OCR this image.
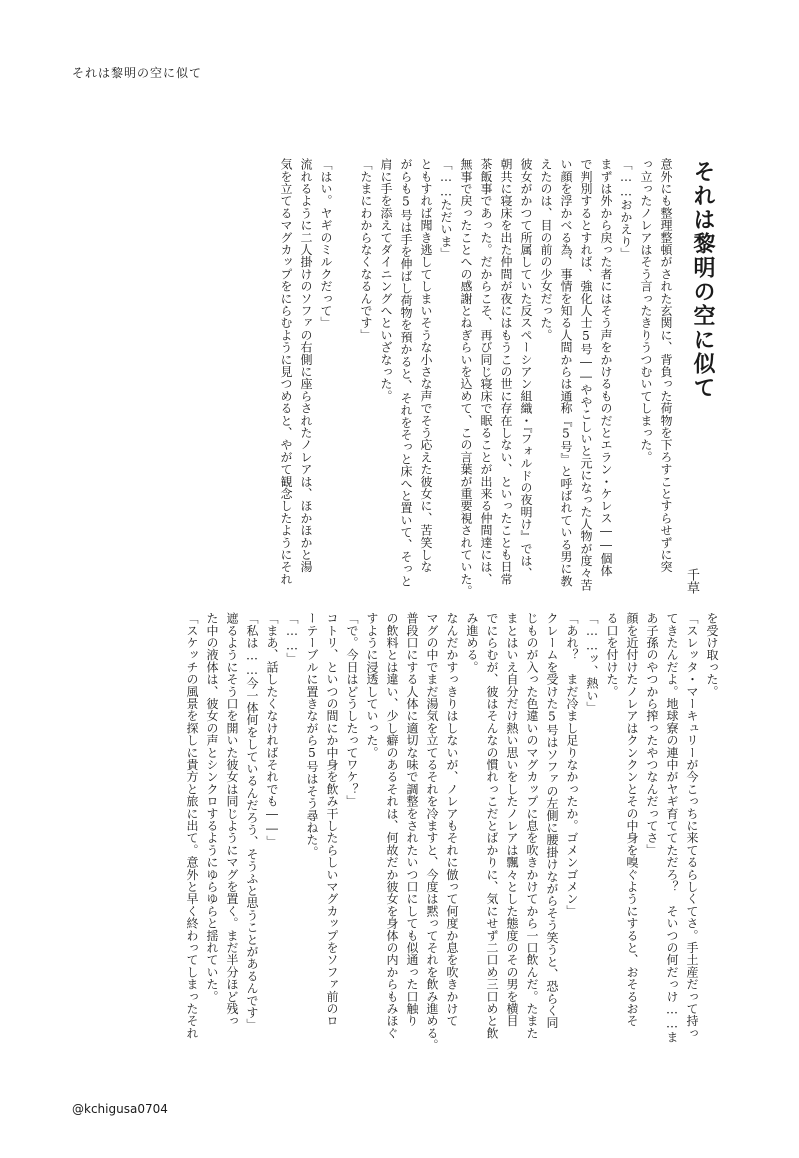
それは黎明の空に似て
それは黎明の空に似て
千草
意外にも整理整頓がされた玄関に、背負った荷物を下ろすことすらせずに突
っ立ったノレアはそう言ったきりうつむいてしまった。
「……おかえり」
まずは外から戻った者にはそう声をかけるものだとエラン・ケレス――個体
で判別するとすれば、強化人士5号――ややこしいと元になった人物が度々苦
い顔を浮かべる為、事情を知る人間からは通称『5号』と呼ばれている男に教
えたのは、目の前の少女だった。
彼女がかつて所属していた反スペーシアン組織・『フォルドの夜明け』では、
朝共に寝床を出た仲間が夜にはもうこの世に存在しない、といったことも日常
茶飯事であった。だからこそ、再び同じ寝床で眠ることが出来る仲間達には、
無事で戻ったことへの感謝とねぎらいを込めて、この言葉が重要視されていた。
「……ただいま」
ともすれば聞き逃してしまいそうな小さな声でそう応えた彼女に、苦笑しな
がらも5号は手を伸ばし荷物を預かると、それをそっと床へと置いて、そっと
肩に手を添えてダイニングへといざなった。
「たまにわからなくなるんです」
「はい。ヤギのミルクだって」
流れるように二人掛けのソファの右側に座らされたノレアは、ほかほかと湯
気を立てるマグカップをにらむように見つめると、やがて観念したようにそれ
を受け取った。
「スレッタ・マーキュリーが今こっちに来てるらしくてさ。手土産だって持っ
てきたんだよ。地球寮の連中がヤギ育ててただろ？　そいつの何だっけ……ま
あ子孫のやつから搾ったやつなんだってさ」
顔を近付けたノレアはクンクンとその中身を嗅ぐようにすると、おそるおそ
る口を付けた。
「……ッ、熱い」
「あれ？　まだ冷まし足りなかったか。ゴメンゴメン」
クレームを受けた5号はソファの左側に腰掛けながらそう笑うと、恐らく同
じものが入った色違いのマグカップに息を吹きかけてから一口飲んだ。たまた
まとはいえ自分だけ熱い思いをしたノレアは飄々とした態度のその男を横目
でにらむが、彼はそんなの慣れっこだとばかりに、気にせず二口め三口めと飲
み進める。
なんだかすっきりはしないが、ノレアもそれに倣って何度か息を吹きかけて
マグの中でまだ湯気を立てるそれを冷ますと、今度は黙ってそれを飲み進める。
普段口にする人体に適切な味で調整をされたいつ口にしても似通った口触り
の飲料とは違い、少し癖のあるそれは、何故だか彼女を身体の内からもみほぐ
すように浸透していった。
「で。今日はどうしたってワケ？」
コトリ、といつの間にか中身を飲み干したらしいマグカップをソファ前のロ
ーテーブルに置きながら5号はそう尋ねた。
「……」
「まあ、話したくなければそれでも――」
「私は……今一体何をしているんだろう、そうふと思うことがあるんです」
遮るようにそう口を開いた彼女は同じようにマグを置く。まだ半分ほど残っ
た中の液体は、彼女の声とシンクロするようにゆらゆらと揺れていた。
「スケッチの風景を探しに貴方と旅に出て。意外と早く終わってしまったそれ
@kchigusa0704
